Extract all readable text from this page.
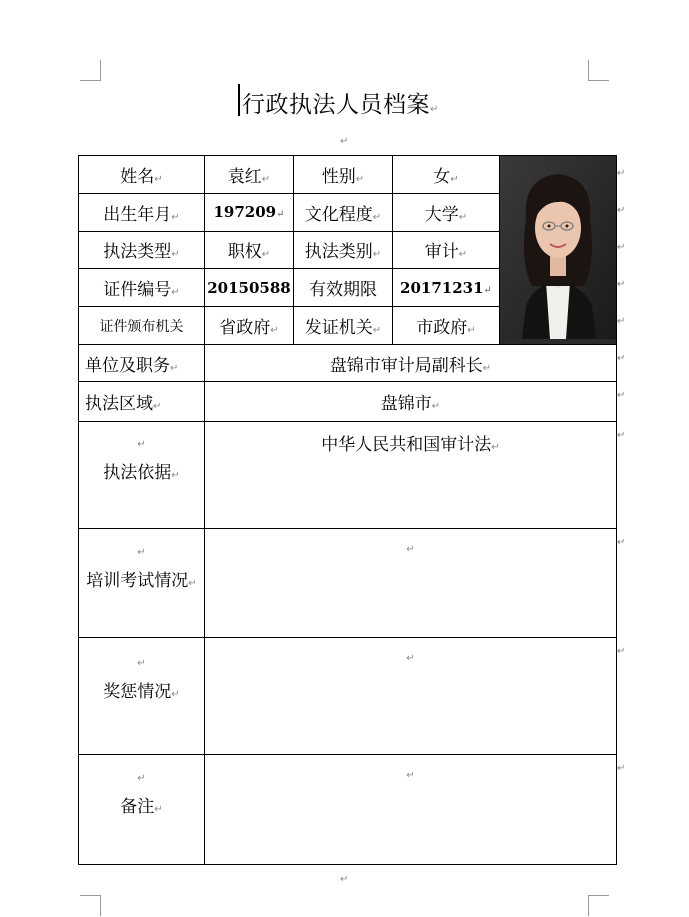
行政执法人员档案↵
↵
姓名↵	袁红↵	性别↵	女↵	
出生年月↵	197209↵	文化程度↵	大学↵	
执法类型↵	职权↵	执法类别↵	审计↵	
证件编号↵	20150588	有效期限	20171231↵	
证件颁布机关	省政府↵	发证机关↵	市政府↵	
单位及职务↵	盘锦市审计局副科长↵			
执法区域↵	盘锦市↵			

↵
执法依据↵	中华人民共和国审计法↵			

↵
培训考试情况↵	↵			

↵
奖惩情况↵	↵			

↵
备注↵	↵			
↵
↵
↵
↵
↵
↵
↵
↵
↵
↵
↵
↵
